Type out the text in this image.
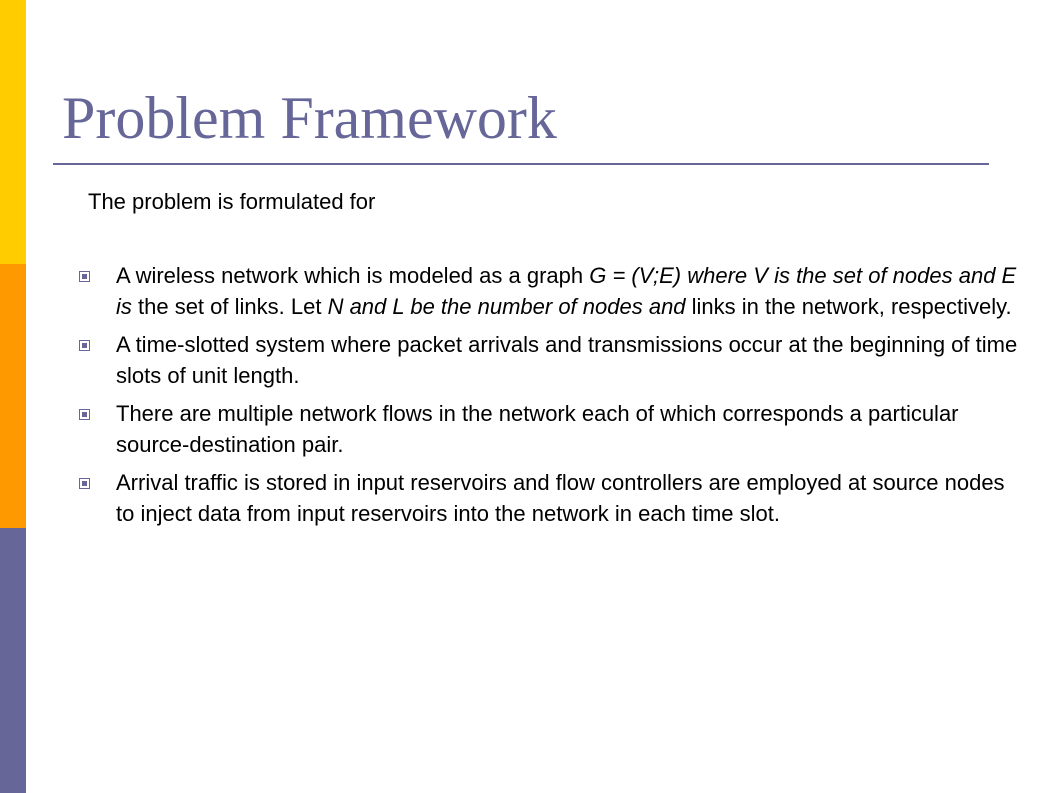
Problem Framework

The problem is formulated for

A wireless network which is modeled as a graph G = (V;E) where V is the set of nodes and E is the set of links. Let N and L be the number of nodes and links in the network, respectively.
A time-slotted system where packet arrivals and transmissions occur at the beginning of time slots of unit length.
There are multiple network flows in the network each of which corresponds a particular source-destination pair.
Arrival traffic is stored in input reservoirs and flow controllers are employed at source nodes to inject data from input reservoirs into the network in each time slot.
